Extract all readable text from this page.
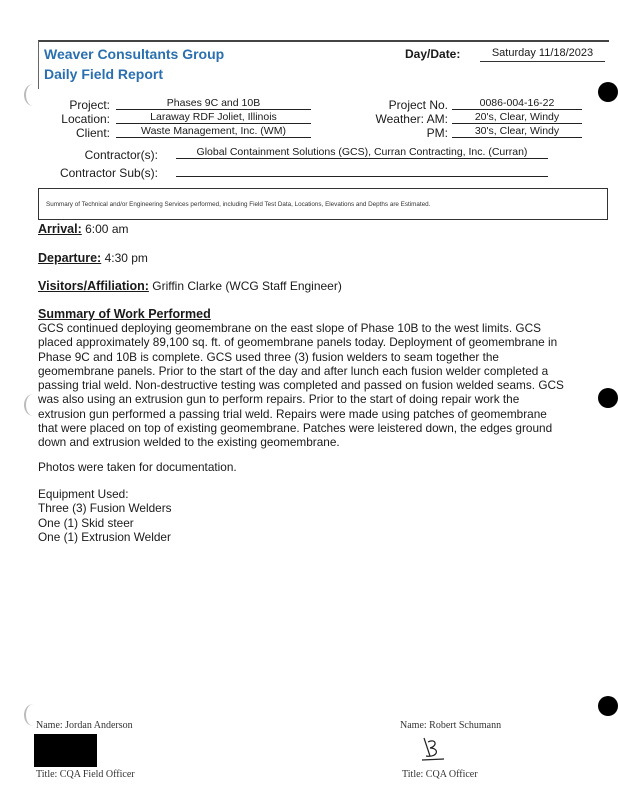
Weaver Consultants Group
Daily Field Report
Day/Date:	Saturday 11/18/2023
Project:	Phases 9C and 10B
Location:	Laraway RDF Joliet, Illinois
Client:	Waste Management, Inc. (WM)
Project No.	0086-004-16-22
Weather: AM:	20's, Clear, Windy
PM:	30's, Clear, Windy
Contractor(s):	Global Containment Solutions (GCS), Curran Contracting, Inc. (Curran)
Contractor Sub(s):
Summary of Technical and/or Engineering Services performed, including Field Test Data, Locations, Elevations and Depths are Estimated.
Arrival: 6:00 am
Departure: 4:30 pm
Visitors/Affiliation: Griffin Clarke (WCG Staff Engineer)
Summary of Work Performed
GCS continued deploying geomembrane on the east slope of Phase 10B to the west limits. GCS
placed approximately 89,100 sq. ft. of geomembrane panels today. Deployment of geomembrane in
Phase 9C and 10B is complete. GCS used three (3) fusion welders to seam together the
geomembrane panels. Prior to the start of the day and after lunch each fusion welder completed a
passing trial weld. Non-destructive testing was completed and passed on fusion welded seams. GCS
was also using an extrusion gun to perform repairs. Prior to the start of doing repair work the
extrusion gun performed a passing trial weld. Repairs were made using patches of geomembrane
that were placed on top of existing geomembrane. Patches were leistered down, the edges ground
down and extrusion welded to the existing geomembrane.
Photos were taken for documentation.
Equipment Used:
Three (3) Fusion Welders
One (1) Skid steer
One (1) Extrusion Welder
Name: Jordan Anderson
Title: CQA Field Officer
Name: Robert Schumann
Title: CQA Officer
